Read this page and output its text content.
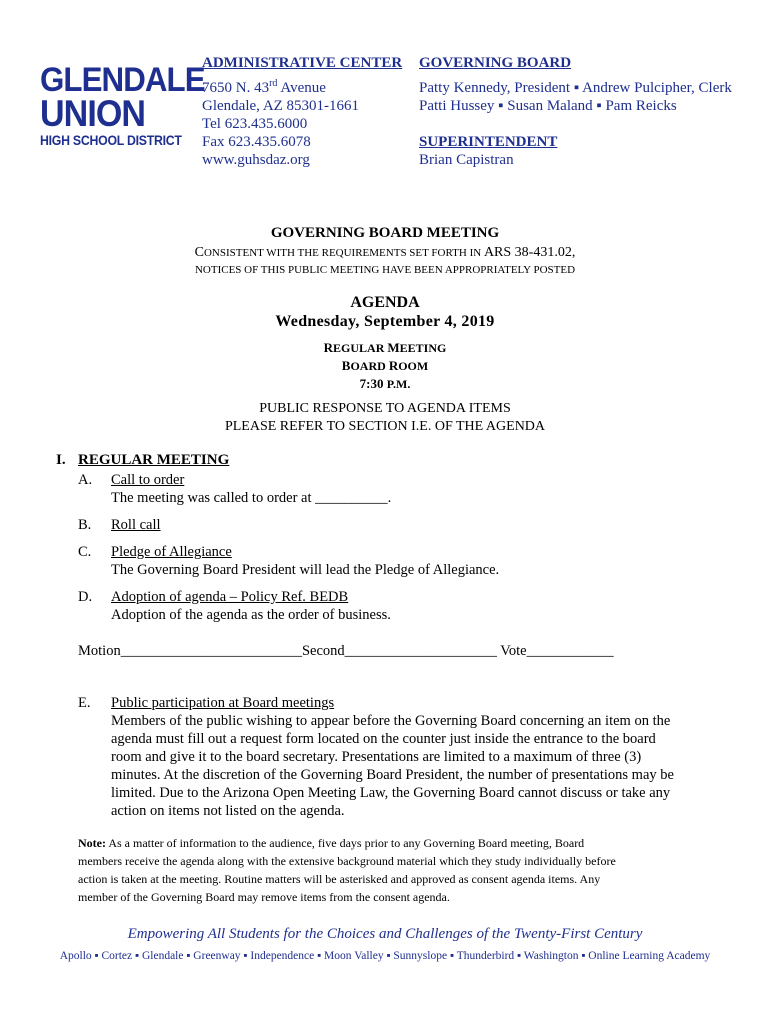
GLENDALE
UNION
HIGH SCHOOL DISTRICT
ADMINISTRATIVE CENTER
7650 N. 43rd Avenue
Glendale, AZ 85301-1661
Tel 623.435.6000
Fax 623.435.6078
www.guhsdaz.org
GOVERNING BOARD
Patty Kennedy, President ▪ Andrew Pulcipher, Clerk
Patti Hussey ▪ Susan Maland ▪ Pam Reicks
SUPERINTENDENT
Brian Capistran
GOVERNING BOARD MEETING
CONSISTENT WITH THE REQUIREMENTS SET FORTH IN ARS 38-431.02,
NOTICES OF THIS PUBLIC MEETING HAVE BEEN APPROPRIATELY POSTED
AGENDA
Wednesday, September 4, 2019
REGULAR MEETING
BOARD ROOM
7:30 P.M.
PUBLIC RESPONSE TO AGENDA ITEMS
PLEASE REFER TO SECTION I.E. OF THE AGENDA
I. REGULAR MEETING
A. Call to order
The meeting was called to order at __________.
B. Roll call
C. Pledge of Allegiance
The Governing Board President will lead the Pledge of Allegiance.
D. Adoption of agenda – Policy Ref. BEDB
Adoption of the agenda as the order of business.
Motion_________________________Second_____________________ Vote____________
E. Public participation at Board meetings
Members of the public wishing to appear before the Governing Board concerning an item on the
agenda must fill out a request form located on the counter just inside the entrance to the board
room and give it to the board secretary. Presentations are limited to a maximum of three (3)
minutes. At the discretion of the Governing Board President, the number of presentations may be
limited. Due to the Arizona Open Meeting Law, the Governing Board cannot discuss or take any
action on items not listed on the agenda.
Note: As a matter of information to the audience, five days prior to any Governing Board meeting, Board
members receive the agenda along with the extensive background material which they study individually before
action is taken at the meeting. Routine matters will be asterisked and approved as consent agenda items. Any
member of the Governing Board may remove items from the consent agenda.
Empowering All Students for the Choices and Challenges of the Twenty-First Century
Apollo ▪ Cortez ▪ Glendale ▪ Greenway ▪ Independence ▪ Moon Valley ▪ Sunnyslope ▪ Thunderbird ▪ Washington ▪ Online Learning Academy
